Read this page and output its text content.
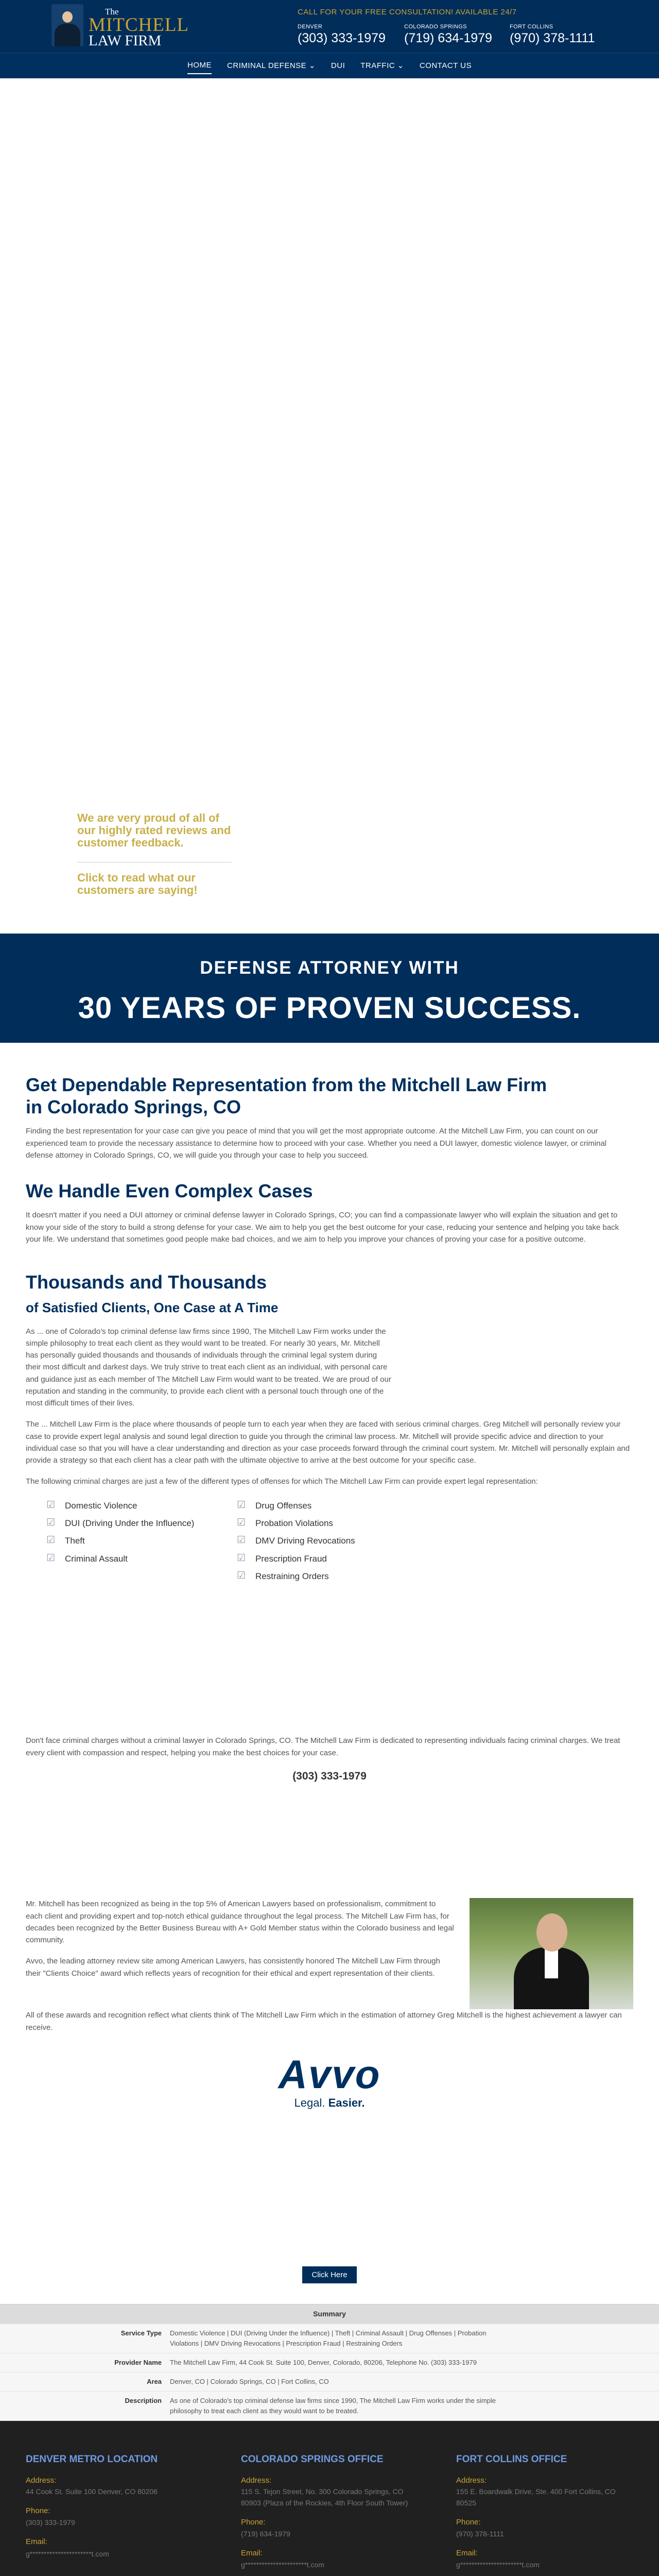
The
MITCHELL
LAW FIRM
CALL FOR YOUR FREE CONSULTATION! AVAILABLE 24/7
DENVER
(303) 333-1979
COLORADO SPRINGS
(719) 634-1979
FORT COLLINS
(970) 378-1111
HOME CRIMINAL DEFENSE ⌄ DUI TRAFFIC ⌄ CONTACT US

We are very proud of all of our highly rated reviews and customer feedback.

Click to read what our customers are saying!

DEFENSE ATTORNEY WITH
30 YEARS OF PROVEN SUCCESS.
Get Dependable Representation from the Mitchell Law Firm in Colorado Springs, CO

Finding the best representation for your case can give you peace of mind that you will get the most appropriate outcome. At the Mitchell Law Firm, you can count on our experienced team to provide the necessary assistance to determine how to proceed with your case. Whether you need a DUI lawyer, domestic violence lawyer, or criminal defense attorney in Colorado Springs, CO, we will guide you through your case to help you succeed.

We Handle Even Complex Cases

It doesn't matter if you need a DUI attorney or criminal defense lawyer in Colorado Springs, CO; you can find a compassionate lawyer who will explain the situation and get to know your side of the story to build a strong defense for your case. We aim to help you get the best outcome for your case, reducing your sentence and helping you take back your life. We understand that sometimes good people make bad choices, and we aim to help you improve your chances of proving your case for a positive outcome.

Thousands and Thousands
of Satisfied Clients, One Case at A Time

As ... one of Colorado's top criminal defense law firms since 1990, The Mitchell Law Firm works under the simple philosophy to treat each client as they would want to be treated. For nearly 30 years, Mr. Mitchell has personally guided thousands and thousands of individuals through the criminal legal system during their most difficult and darkest days. We truly strive to treat each client as an individual, with personal care and guidance just as each member of The Mitchell Law Firm would want to be treated. We are proud of our reputation and standing in the community, to provide each client with a personal touch through one of the most difficult times of their lives.

The ... Mitchell Law Firm is the place where thousands of people turn to each year when they are faced with serious criminal charges. Greg Mitchell will personally review your case to provide expert legal analysis and sound legal direction to guide you through the criminal law process. Mr. Mitchell will provide specific advice and direction to your individual case so that you will have a clear understanding and direction as your case proceeds forward through the criminal court system. Mr. Mitchell will personally explain and provide a strategy so that each client has a clear path with the ultimate objective to arrive at the best outcome for your specific case.

The following criminal charges are just a few of the different types of offenses for which The Mitchell Law Firm can provide expert legal representation:

☑ Domestic Violence
☑ DUI (Driving Under the Influence)
☑ Theft
☑ Criminal Assault
☑ Drug Offenses
☑ Probation Violations
☑ DMV Driving Revocations
☑ Prescription Fraud
☑ Restraining Orders

Don't face criminal charges without a criminal lawyer in Colorado Springs, CO. The Mitchell Law Firm is dedicated to representing individuals facing criminal charges. We treat every client with compassion and respect, helping you make the best choices for your case.

(303) 333-1979

Mr. Mitchell has been recognized as being in the top 5% of American Lawyers based on professionalism, commitment to each client and providing expert and top-notch ethical guidance throughout the legal process. The Mitchell Law Firm has, for decades been recognized by the Better Business Bureau with A+ Gold Member status within the Colorado business and legal community.

Avvo, the leading attorney review site among American Lawyers, has consistently honored The Mitchell Law Firm through their "Clients Choice" award which reflects years of recognition for their ethical and expert representation of their clients.

All of these awards and recognition reflect what clients think of The Mitchell Law Firm which in the estimation of attorney Greg Mitchell is the highest achievement a lawyer can receive.

Avvo
Legal. Easier.
Click Here
Summary
Service Type	Domestic Violence | DUI (Driving Under the Influence) | Theft | Criminal Assault | Drug Offenses | Probation Violations | DMV Driving Revocations | Prescription Fraud | Restraining Orders
Provider Name	The Mitchell Law Firm, 44 Cook St. Suite 100, Denver, Colorado, 80206, Telephone No. (303) 333-1979
Area	Denver, CO | Colorado Springs, CO | Fort Collins, CO
Description	As one of Colorado's top criminal defense law firms since 1990, The Mitchell Law Firm works under the simple philosophy to treat each client as they would want to be treated.
DENVER METRO LOCATION
Address:
44 Cook St. Suite 100 Denver, CO 80206
Phone:
(303) 333-1979
Email:
g**********************t.com
COLORADO SPRINGS OFFICE
Address:
115 S. Tejon Street, No. 300 Colorado Springs, CO 80903 (Plaza of the Rockies, 4th Floor South Tower)
Phone:
(719) 634-1979
Email:
g**********************t.com
FORT COLLINS OFFICE
Address:
155 E. Boardwalk Drive, Ste. 400 Fort Collins, CO 80525
Phone:
(970) 378-1111
Email:
g**********************t.com
